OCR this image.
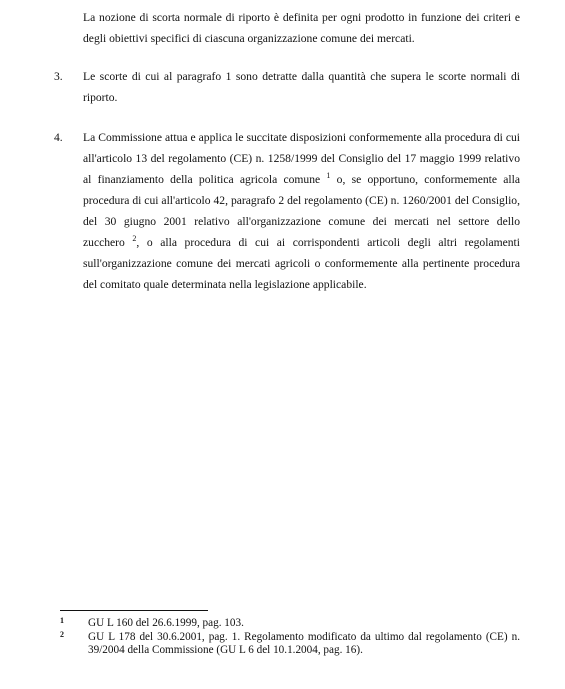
La nozione di scorta normale di riporto è definita per ogni prodotto in funzione dei criteri e degli obiettivi specifici di ciascuna organizzazione comune dei mercati.

3. Le scorte di cui al paragrafo 1 sono detratte dalla quantità che supera le scorte normali di riporto.

4. La Commissione attua e applica le succitate disposizioni conformemente alla procedura di cui all'articolo 13 del regolamento (CE) n. 1258/1999 del Consiglio del 17 maggio 1999 relativo al finanziamento della politica agricola comune $^1$ o, se opportuno, conformemente alla procedura di cui all'articolo 42, paragrafo 2 del regolamento (CE) n. 1260/2001 del Consiglio, del 30 giugno 2001 relativo all'organizzazione comune dei mercati nel settore dello zucchero $^2$, o alla procedura di cui ai corrispondenti articoli degli altri regolamenti sull'organizzazione comune dei mercati agricoli o conformemente alla pertinente procedura del comitato quale determinata nella legislazione applicabile.

1 GU L 160 del 26.6.1999, pag. 103.
2 GU L 178 del 30.6.2001, pag. 1. Regolamento modificato da ultimo dal regolamento (CE) n. 39/2004 della Commissione (GU L 6 del 10.1.2004, pag. 16).
